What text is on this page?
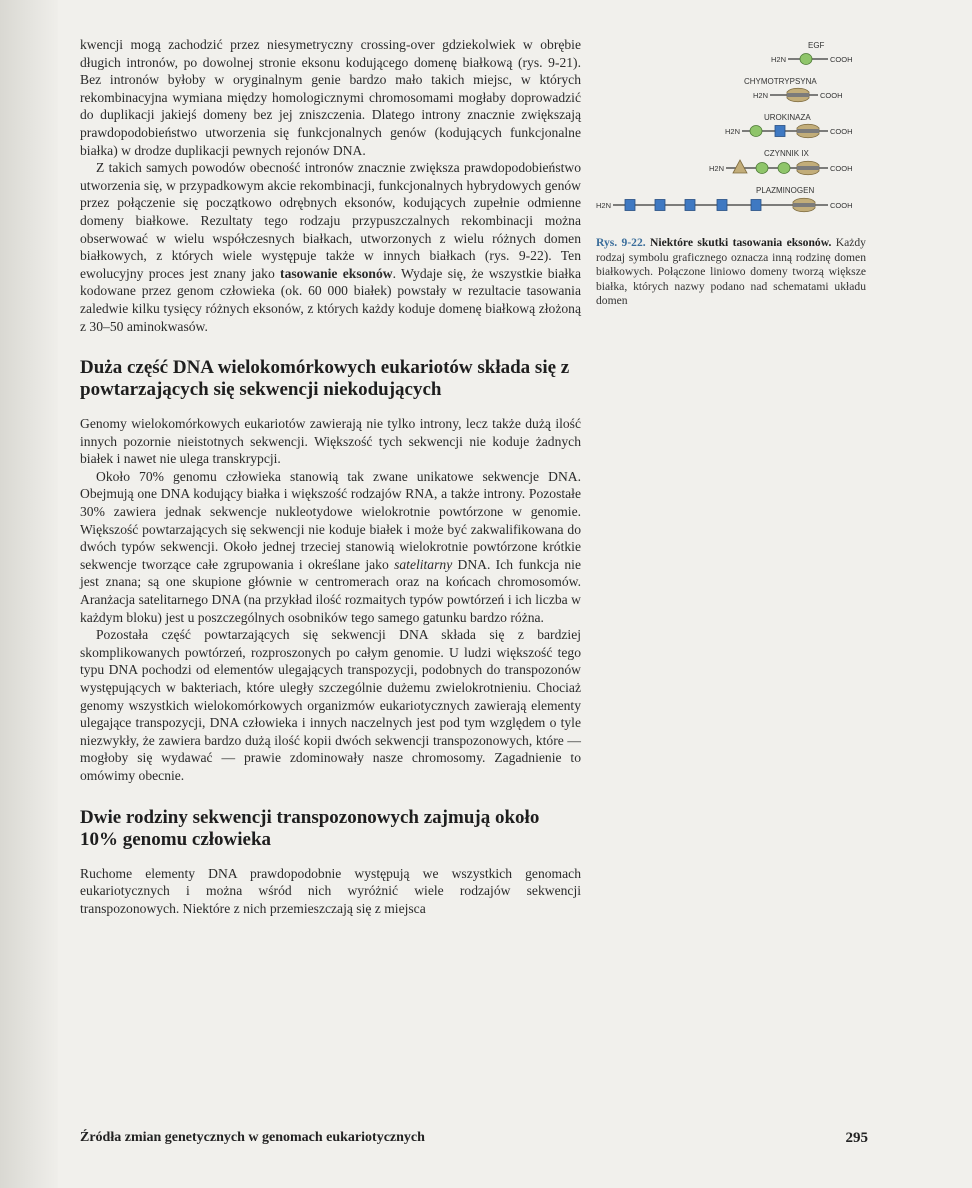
kwencji mogą zachodzić przez niesymetryczny crossing-over gdziekolwiek w obrębie długich intronów, po dowolnej stronie eksonu kodującego domenę białkową (rys. 9-21). Bez intronów byłoby w oryginalnym genie bardzo mało takich miejsc, w których rekombinacyjna wymiana między homologicznymi chromosomami mogłaby doprowadzić do duplikacji jakiejś domeny bez jej zniszczenia. Dlatego introny znacznie zwiększają prawdopodobieństwo utworzenia się funkcjonalnych genów (kodujących funkcjonalne białka) w drodze duplikacji pewnych rejonów DNA.

Z takich samych powodów obecność intronów znacznie zwiększa prawdopodobieństwo utworzenia się, w przypadkowym akcie rekombinacji, funkcjonalnych hybrydowych genów przez połączenie się początkowo odrębnych eksonów, kodujących zupełnie odmienne domeny białkowe. Rezultaty tego rodzaju przypuszczalnych rekombinacji można obserwować w wielu współczesnych białkach, utworzonych z wielu różnych domen białkowych, z których wiele występuje także w innych białkach (rys. 9-22). Ten ewolucyjny proces jest znany jako tasowanie eksonów. Wydaje się, że wszystkie białka kodowane przez genom człowieka (ok. 60 000 białek) powstały w rezultacie tasowania zaledwie kilku tysięcy różnych eksonów, z których każdy koduje domenę białkową złożoną z 30–50 aminokwasów.

Duża część DNA wielokomórkowych eukariotów składa się z powtarzających się sekwencji niekodujących

Genomy wielokomórkowych eukariotów zawierają nie tylko introny, lecz także dużą ilość innych pozornie nieistotnych sekwencji. Większość tych sekwencji nie koduje żadnych białek i nawet nie ulega transkrypcji.

Około 70% genomu człowieka stanowią tak zwane unikatowe sekwencje DNA. Obejmują one DNA kodujący białka i większość rodzajów RNA, a także introny. Pozostałe 30% zawiera jednak sekwencje nukleotydowe wielokrotnie powtórzone w genomie. Większość powtarzających się sekwencji nie koduje białek i może być zakwalifikowana do dwóch typów sekwencji. Około jednej trzeciej stanowią wielokrotnie powtórzone krótkie sekwencje tworzące całe zgrupowania i określane jako satelitarny DNA. Ich funkcja nie jest znana; są one skupione głównie w centromerach oraz na końcach chromosomów. Aranżacja satelitarnego DNA (na przykład ilość rozmaitych typów powtórzeń i ich liczba w każdym bloku) jest u poszczególnych osobników tego samego gatunku bardzo różna.

Pozostała część powtarzających się sekwencji DNA składa się z bardziej skomplikowanych powtórzeń, rozproszonych po całym genomie. U ludzi większość tego typu DNA pochodzi od elementów ulegających transpozycji, podobnych do transpozonów występujących w bakteriach, które uległy szczególnie dużemu zwielokrotnieniu. Chociaż genomy wszystkich wielokomórkowych organizmów eukariotycznych zawierają elementy ulegające transpozycji, DNA człowieka i innych naczelnych jest pod tym względem o tyle niezwykły, że zawiera bardzo dużą ilość kopii dwóch sekwencji transpozonowych, które — mogłoby się wydawać — prawie zdominowały nasze chromosomy. Zagadnienie to omówimy obecnie.

Dwie rodziny sekwencji transpozonowych zajmują około 10% genomu człowieka

Ruchome elementy DNA prawdopodobnie występują we wszystkich genomach eukariotycznych i można wśród nich wyróżnić wiele rodzajów sekwencji transpozonowych. Niektóre z nich przemieszczają się z miejsca

EGF
H2N	COOH
CHYMOTRYPSYNA
H2N	COOH
UROKINAZA
H2N	COOH
CZYNNIK IX
H2N	COOH
PLAZMINOGEN
H2N	COOH
Rys. 9-22. Niektóre skutki tasowania eksonów. Każdy rodzaj symbolu graficznego oznacza inną rodzinę domen białkowych. Połączone liniowo domeny tworzą większe białka, których nazwy podano nad schematami układu domen
Źródła zmian genetycznych w genomach eukariotycznych	295
